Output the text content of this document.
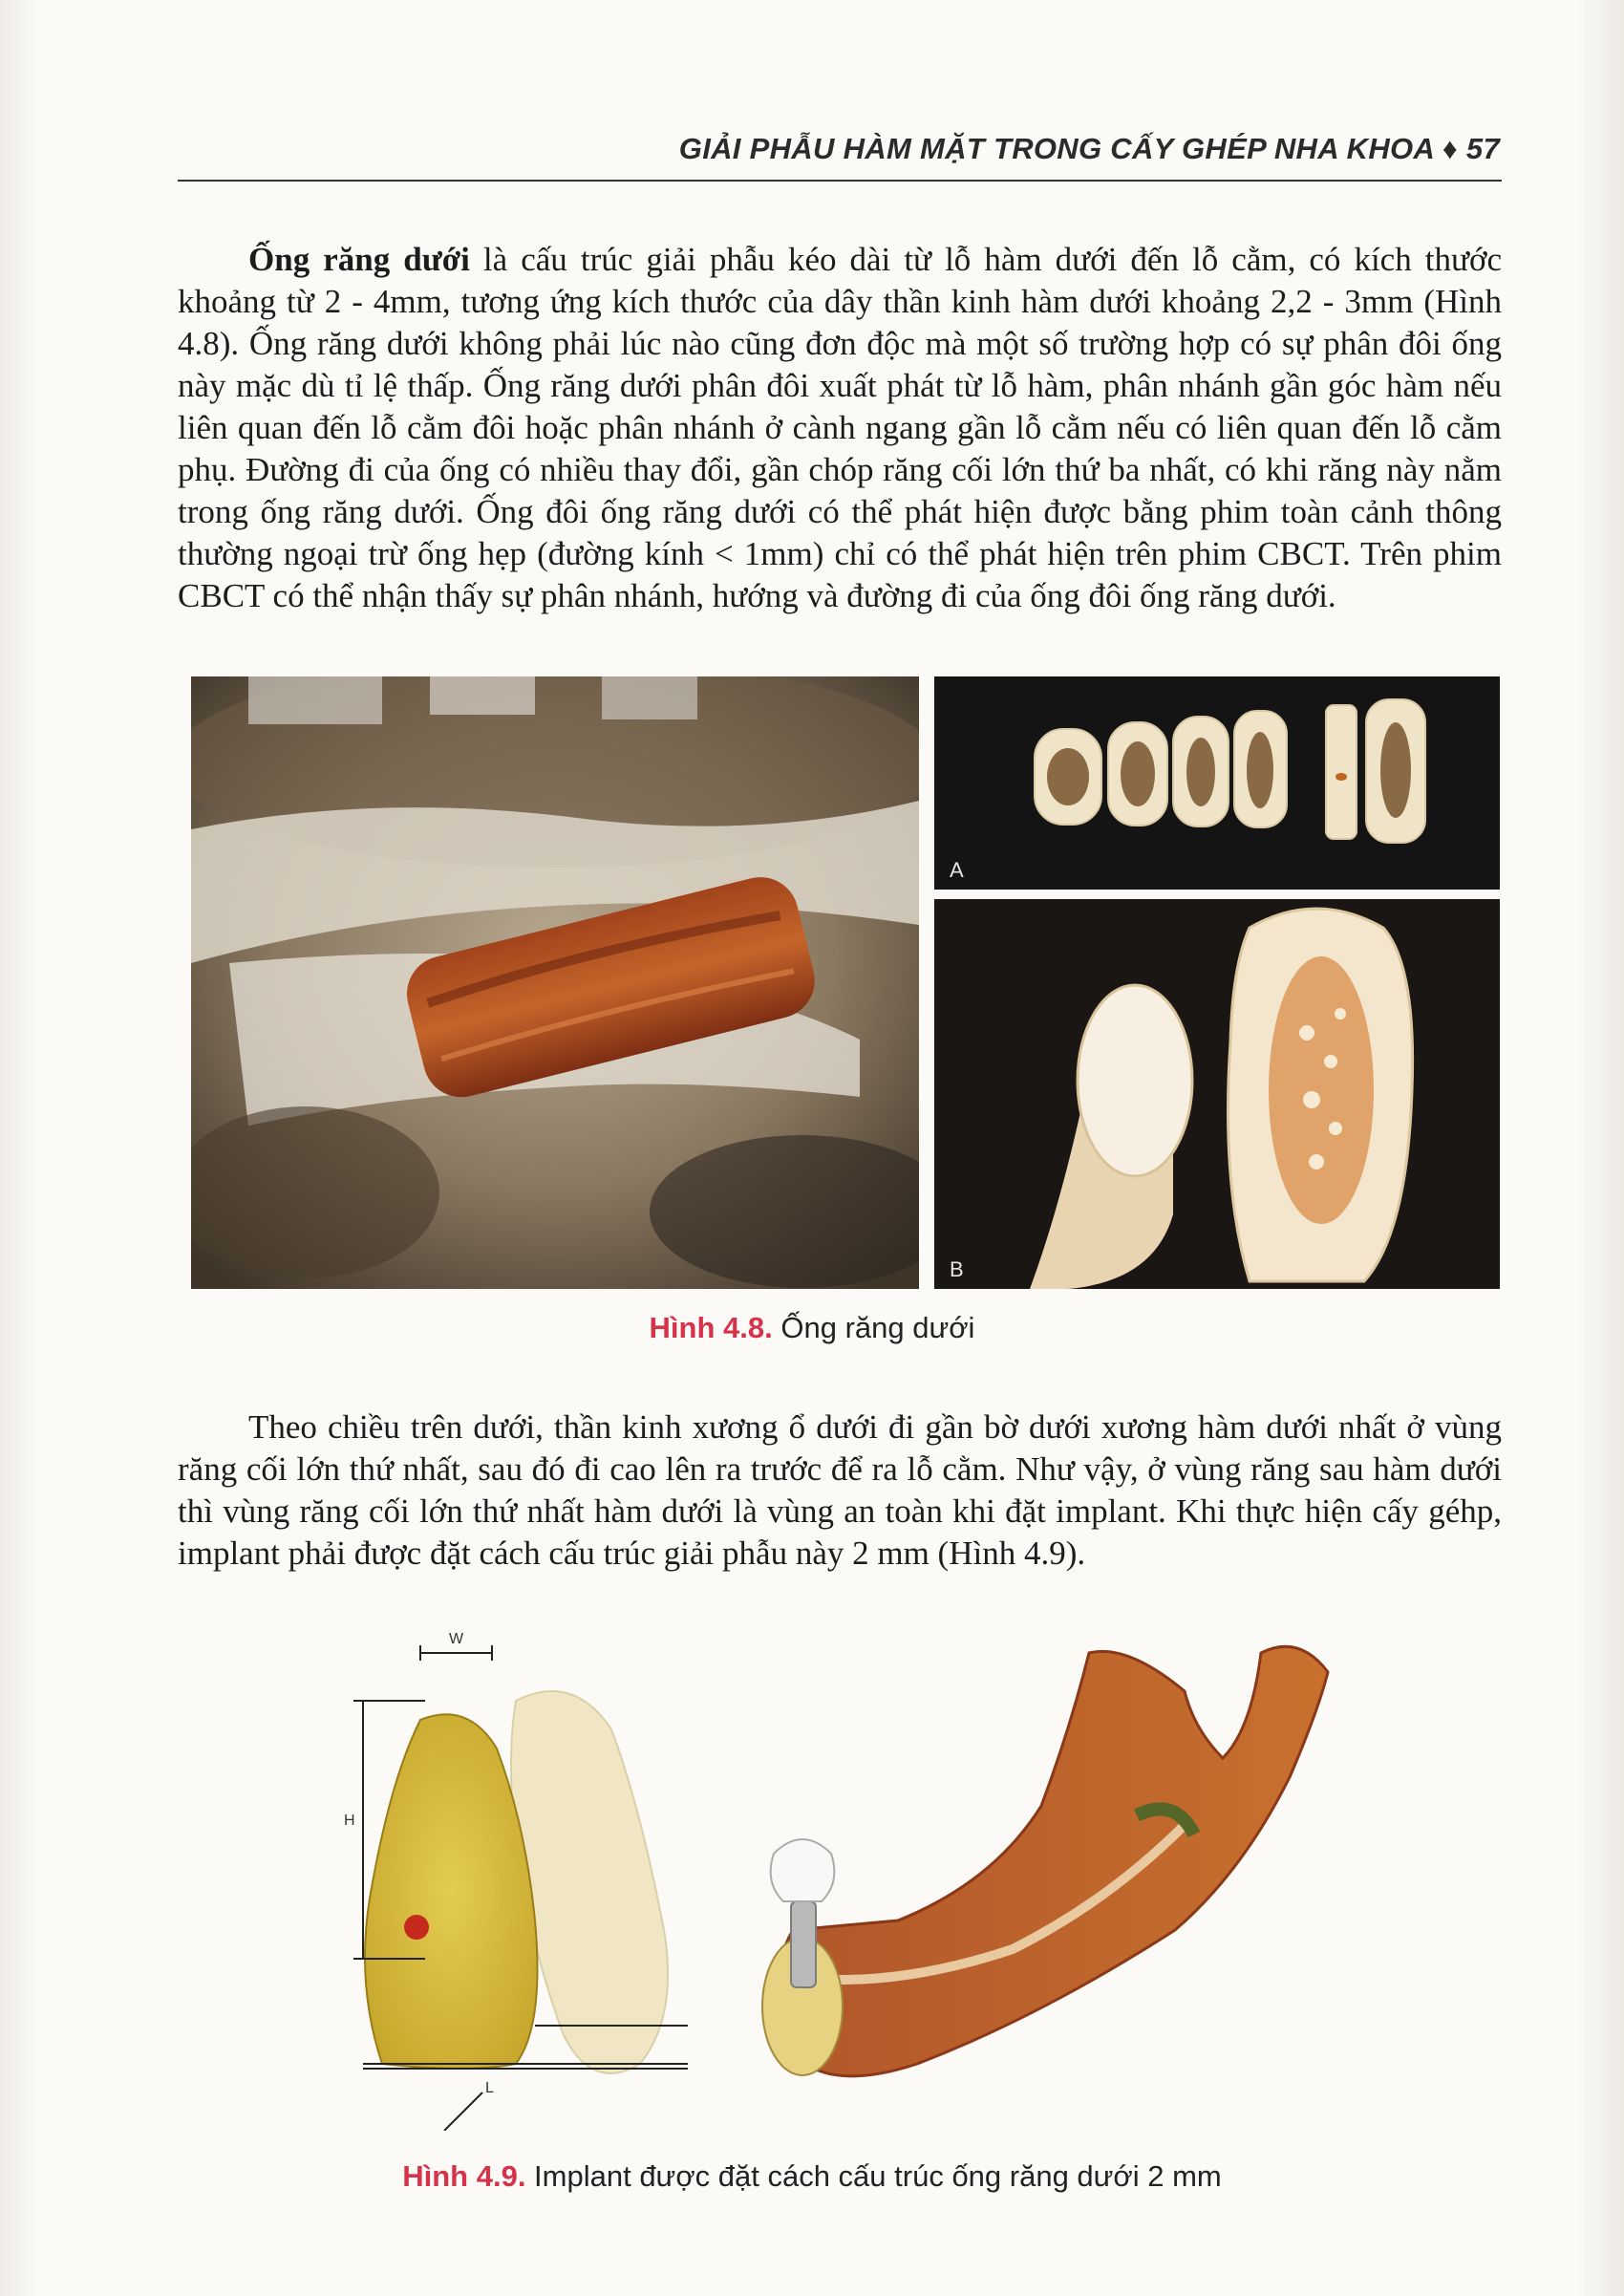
GIẢI PHẪU HÀM MẶT TRONG CẤY GHÉP NHA KHOA ♦ 57

Ống răng dưới là cấu trúc giải phẫu kéo dài từ lỗ hàm dưới đến lỗ cằm, có kích thước khoảng từ 2 - 4mm, tương ứng kích thước của dây thần kinh hàm dưới khoảng 2,2 - 3mm (Hình 4.8). Ống răng dưới không phải lúc nào cũng đơn độc mà một số trường hợp có sự phân đôi ống này mặc dù tỉ lệ thấp. Ống răng dưới phân đôi xuất phát từ lỗ hàm, phân nhánh gần góc hàm nếu liên quan đến lỗ cằm đôi hoặc phân nhánh ở cành ngang gần lỗ cằm nếu có liên quan đến lỗ cằm phụ. Đường đi của ống có nhiều thay đổi, gần chóp răng cối lớn thứ ba nhất, có khi răng này nằm trong ống răng dưới. Ống đôi ống răng dưới có thể phát hiện được bằng phim toàn cảnh thông thường ngoại trừ ống hẹp (đường kính < 1mm) chỉ có thể phát hiện trên phim CBCT. Trên phim CBCT có thể nhận thấy sự phân nhánh, hướng và đường đi của ống đôi ống răng dưới.

A
B
Hình 4.8. Ống răng dưới

Theo chiều trên dưới, thần kinh xương ổ dưới đi gần bờ dưới xương hàm dưới nhất ở vùng răng cối lớn thứ nhất, sau đó đi cao lên ra trước để ra lỗ cằm. Như vậy, ở vùng răng sau hàm dưới thì vùng răng cối lớn thứ nhất hàm dưới là vùng an toàn khi đặt implant. Khi thực hiện cấy géhp, implant phải được đặt cách cấu trúc giải phẫu này 2 mm (Hình 4.9).

W
H
L
Hình 4.9. Implant được đặt cách cấu trúc ống răng dưới 2 mm
